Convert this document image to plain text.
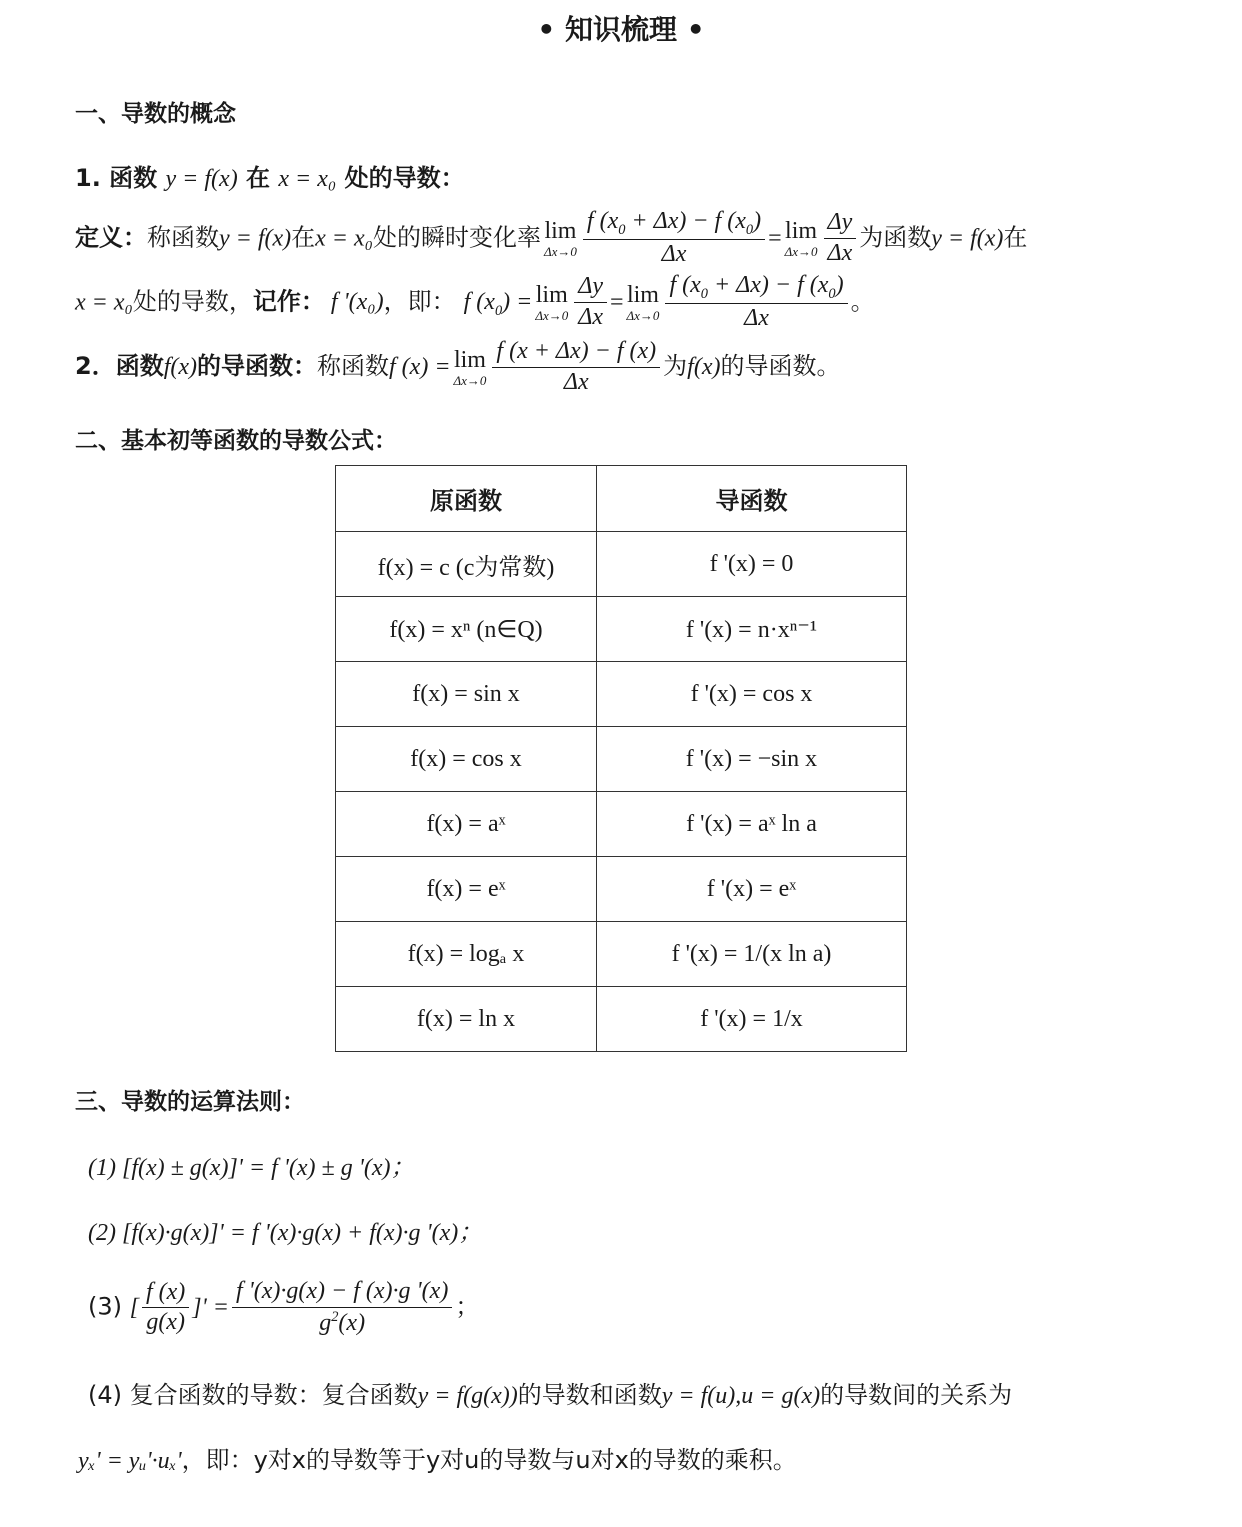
• 知识梳理 •
一、导数的概念
1. 函数 y = f(x) 在 x = x₀ 处的导数：
定义：称函数y = f(x)在x = x₀处的瞬时变化率 lim
$\Delta x\to 0 \frac{f (x_0 + \Delta x) - f (x_0)}{\Delta x} = \lim$
$\Delta x\to 0 \frac{\Delta y}{\Delta x}$ 为函数y = f(x)在
x = x₀处的导数，记作： f '(x₀)，即： f $(x_0) = \lim$
$\Delta x\to 0 \frac{\Delta y}{\Delta x} = \lim$
$\Delta x\to 0 \frac{f (x_0 + \Delta x) - f (x_0)}{\Delta x}$ 。
2．函数f(x)的导函数：称函数f (x) = lim
$\Delta x\to 0 \frac{f (x + \Delta x) - f (x)}{\Delta x}$ 为f(x)的导函数。
二、基本初等函数的导数公式：
原函数	导函数
f(x) = c (c为常数)	f '(x) = 0
f(x) = xⁿ (n∈Q)	f '(x) = n·xⁿ⁻¹
f(x) = sin x	f '(x) = cos x
f(x) = cos x	f '(x) = −sin x
f(x) = aˣ	f '(x) = aˣ ln a
f(x) = eˣ	f '(x) = eˣ
f(x) = logₐ x	f '(x) = 1/(x ln a)
f(x) = ln x	f '(x) = 1/x
三、导数的运算法则：
(1) [f(x) ± g(x)]' = f '(x) ± g '(x)；
(2) [f(x)·g(x)]' = f '(x)·g(x) + f(x)·g '(x)；
(3) [ $\frac{f (x)}{g(x)}$ ]' = $\frac{f '(x)\cdot g(x) - f (x)\cdot g '(x)}{g^2(x)}$ ；
(4) 复合函数的导数：复合函数y = f(g(x))的导数和函数y = f(u),u = g(x)的导数间的关系为
yₓ' = yᵤ'·uₓ'，即：y对x的导数等于y对u的导数与u对x的导数的乘积。
